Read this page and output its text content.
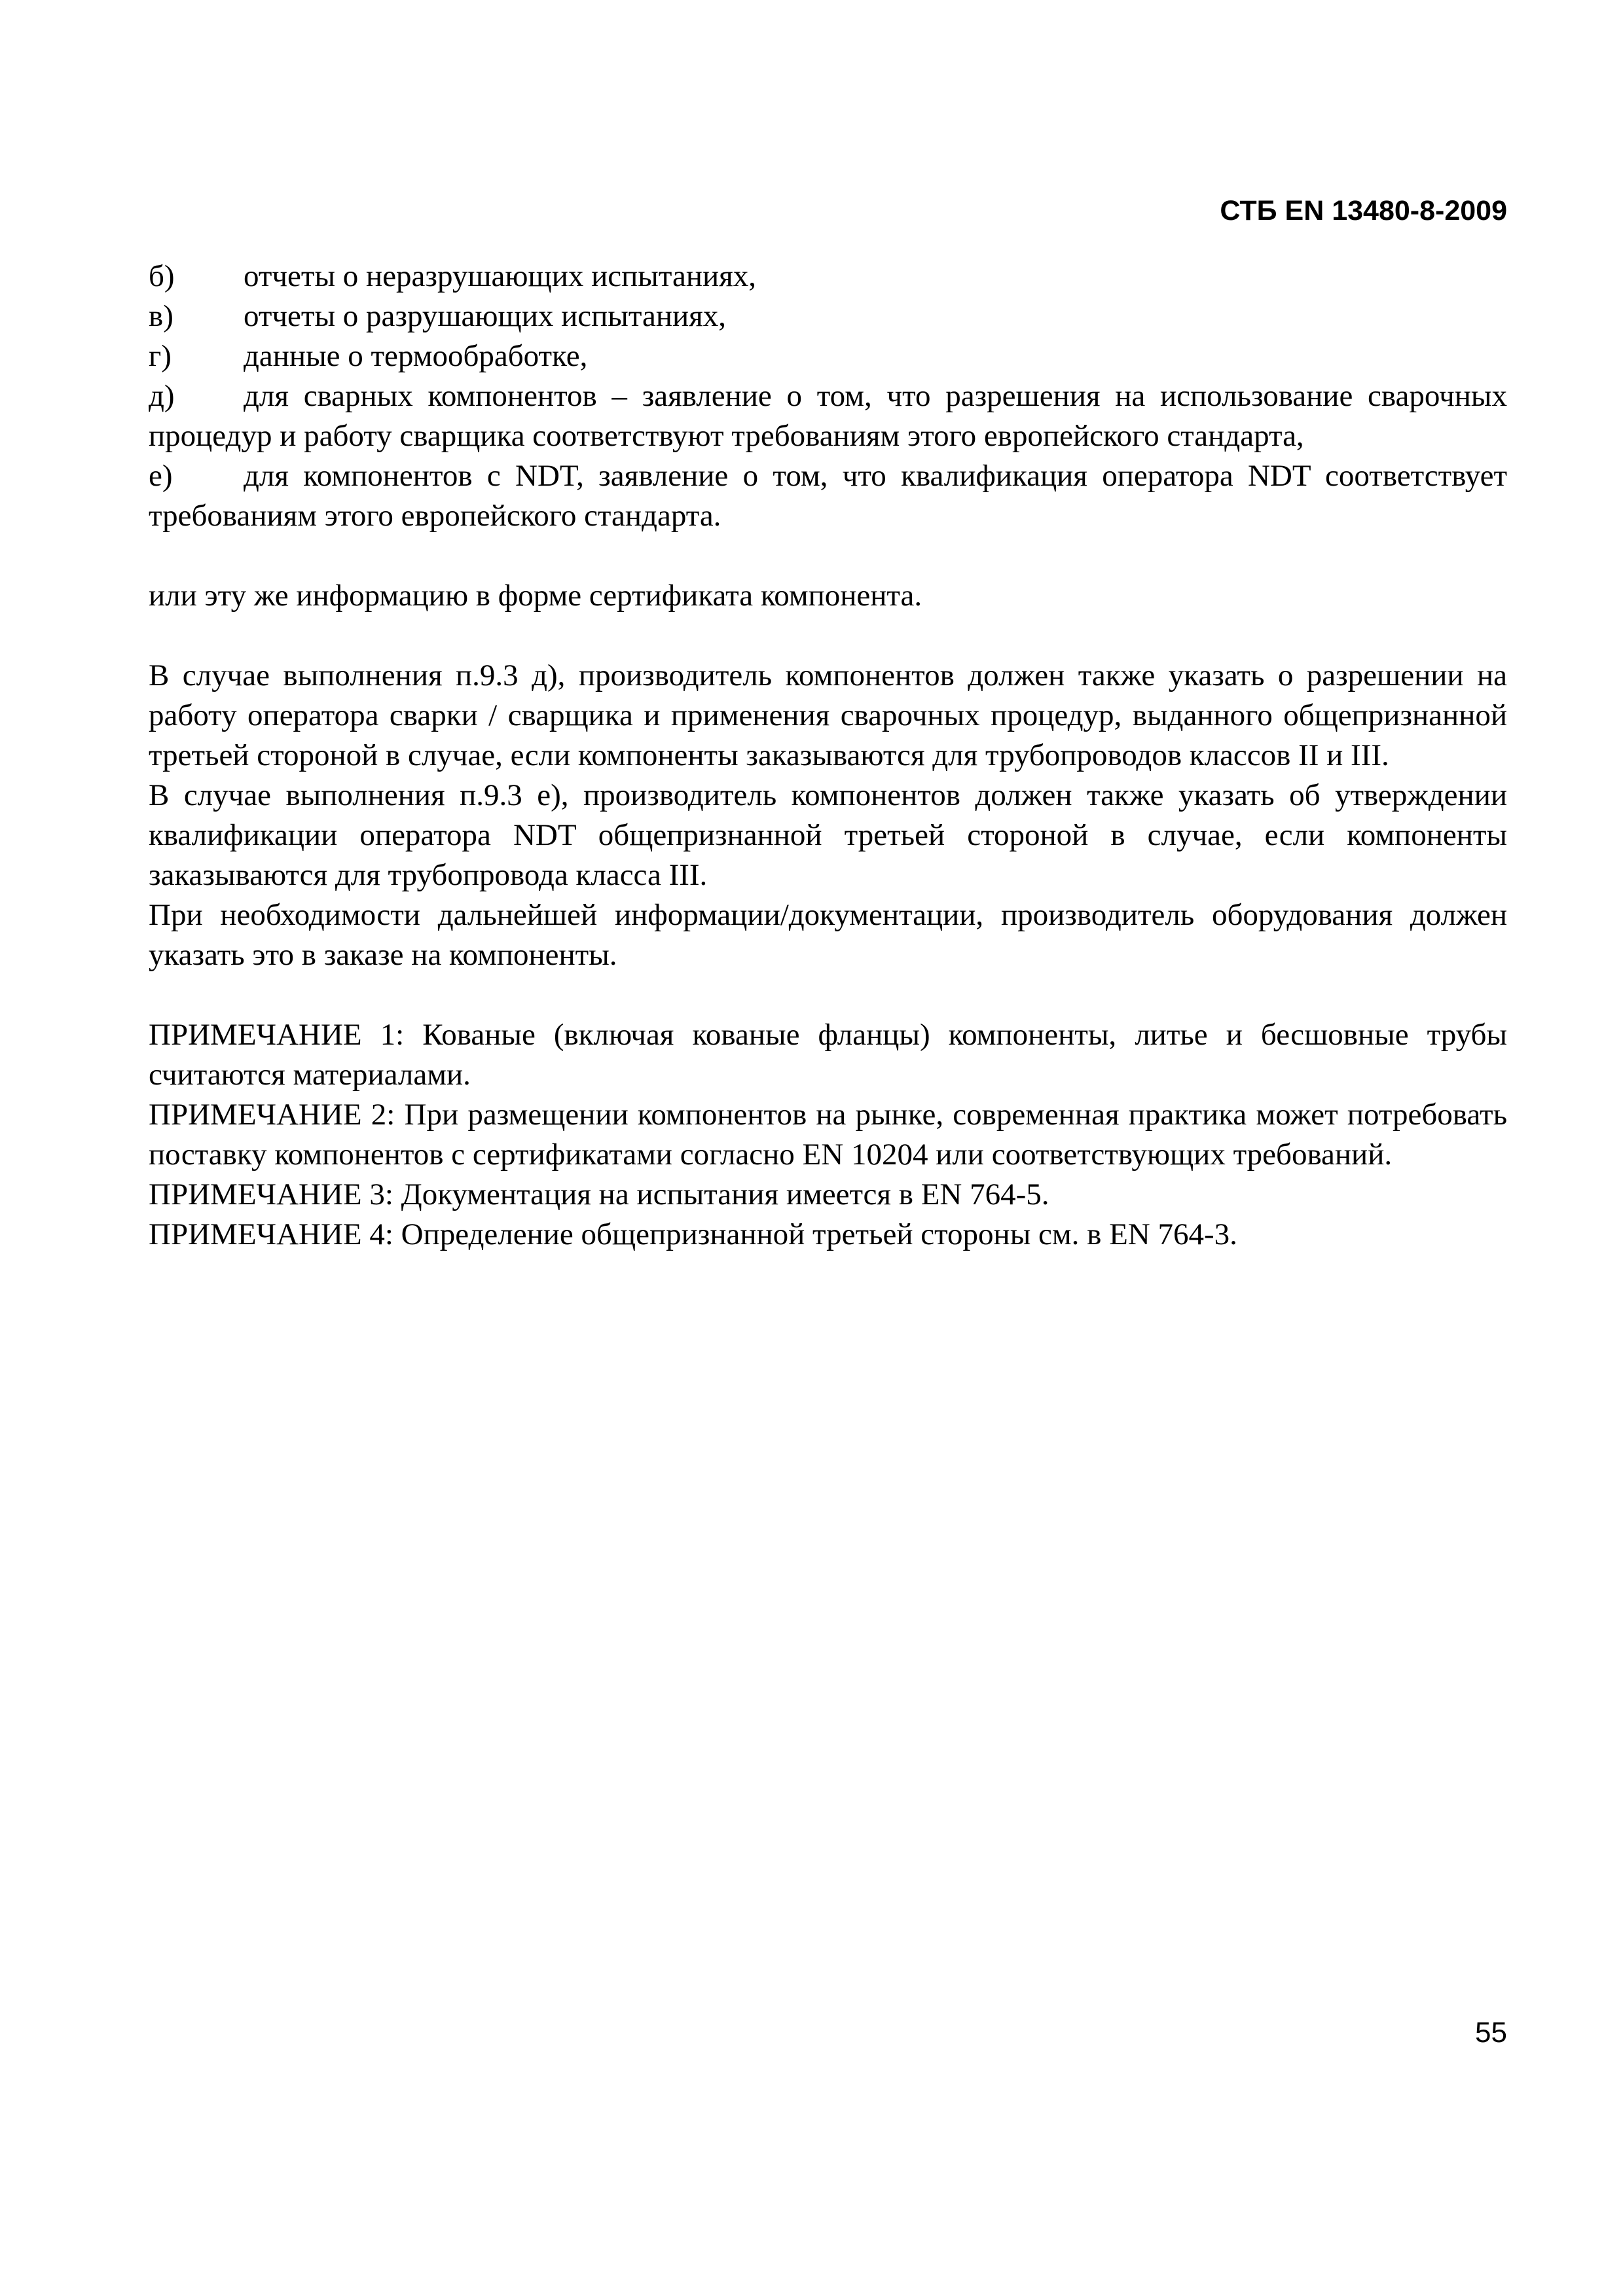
СТБ EN 13480-8-2009
б) отчеты о неразрушающих испытаниях,
в) отчеты о разрушающих испытаниях,
г) данные о термообработке,
д) для сварных компонентов – заявление о том, что разрешения на использование сварочных процедур и работу сварщика соответствуют требованиям этого европейского стандарта,
е) для компонентов с NDT, заявление о том, что квалификация оператора NDT соответствует требованиям этого европейского стандарта.

или эту же информацию в форме сертификата компонента.

В случае выполнения п.9.3 д), производитель компонентов должен также указать о разрешении на работу оператора сварки / сварщика и применения сварочных процедур, выданного общепризнанной третьей стороной в случае, если компоненты заказываются для трубопроводов классов II и III.

В случае выполнения п.9.3 е), производитель компонентов должен также указать об утверждении квалификации оператора NDT общепризнанной третьей стороной в случае, если компоненты заказываются для трубопровода класса III.

При необходимости дальнейшей информации/документации, производитель оборудования должен указать это в заказе на компоненты.

ПРИМЕЧАНИЕ 1: Кованые (включая кованые фланцы) компоненты, литье и бесшовные трубы считаются материалами.

ПРИМЕЧАНИЕ 2: При размещении компонентов на рынке, современная практика может потребовать поставку компонентов с сертификатами согласно EN 10204 или соответствующих требований.

ПРИМЕЧАНИЕ 3: Документация на испытания имеется в EN 764-5.

ПРИМЕЧАНИЕ 4: Определение общепризнанной третьей стороны см. в EN 764-3.

55
